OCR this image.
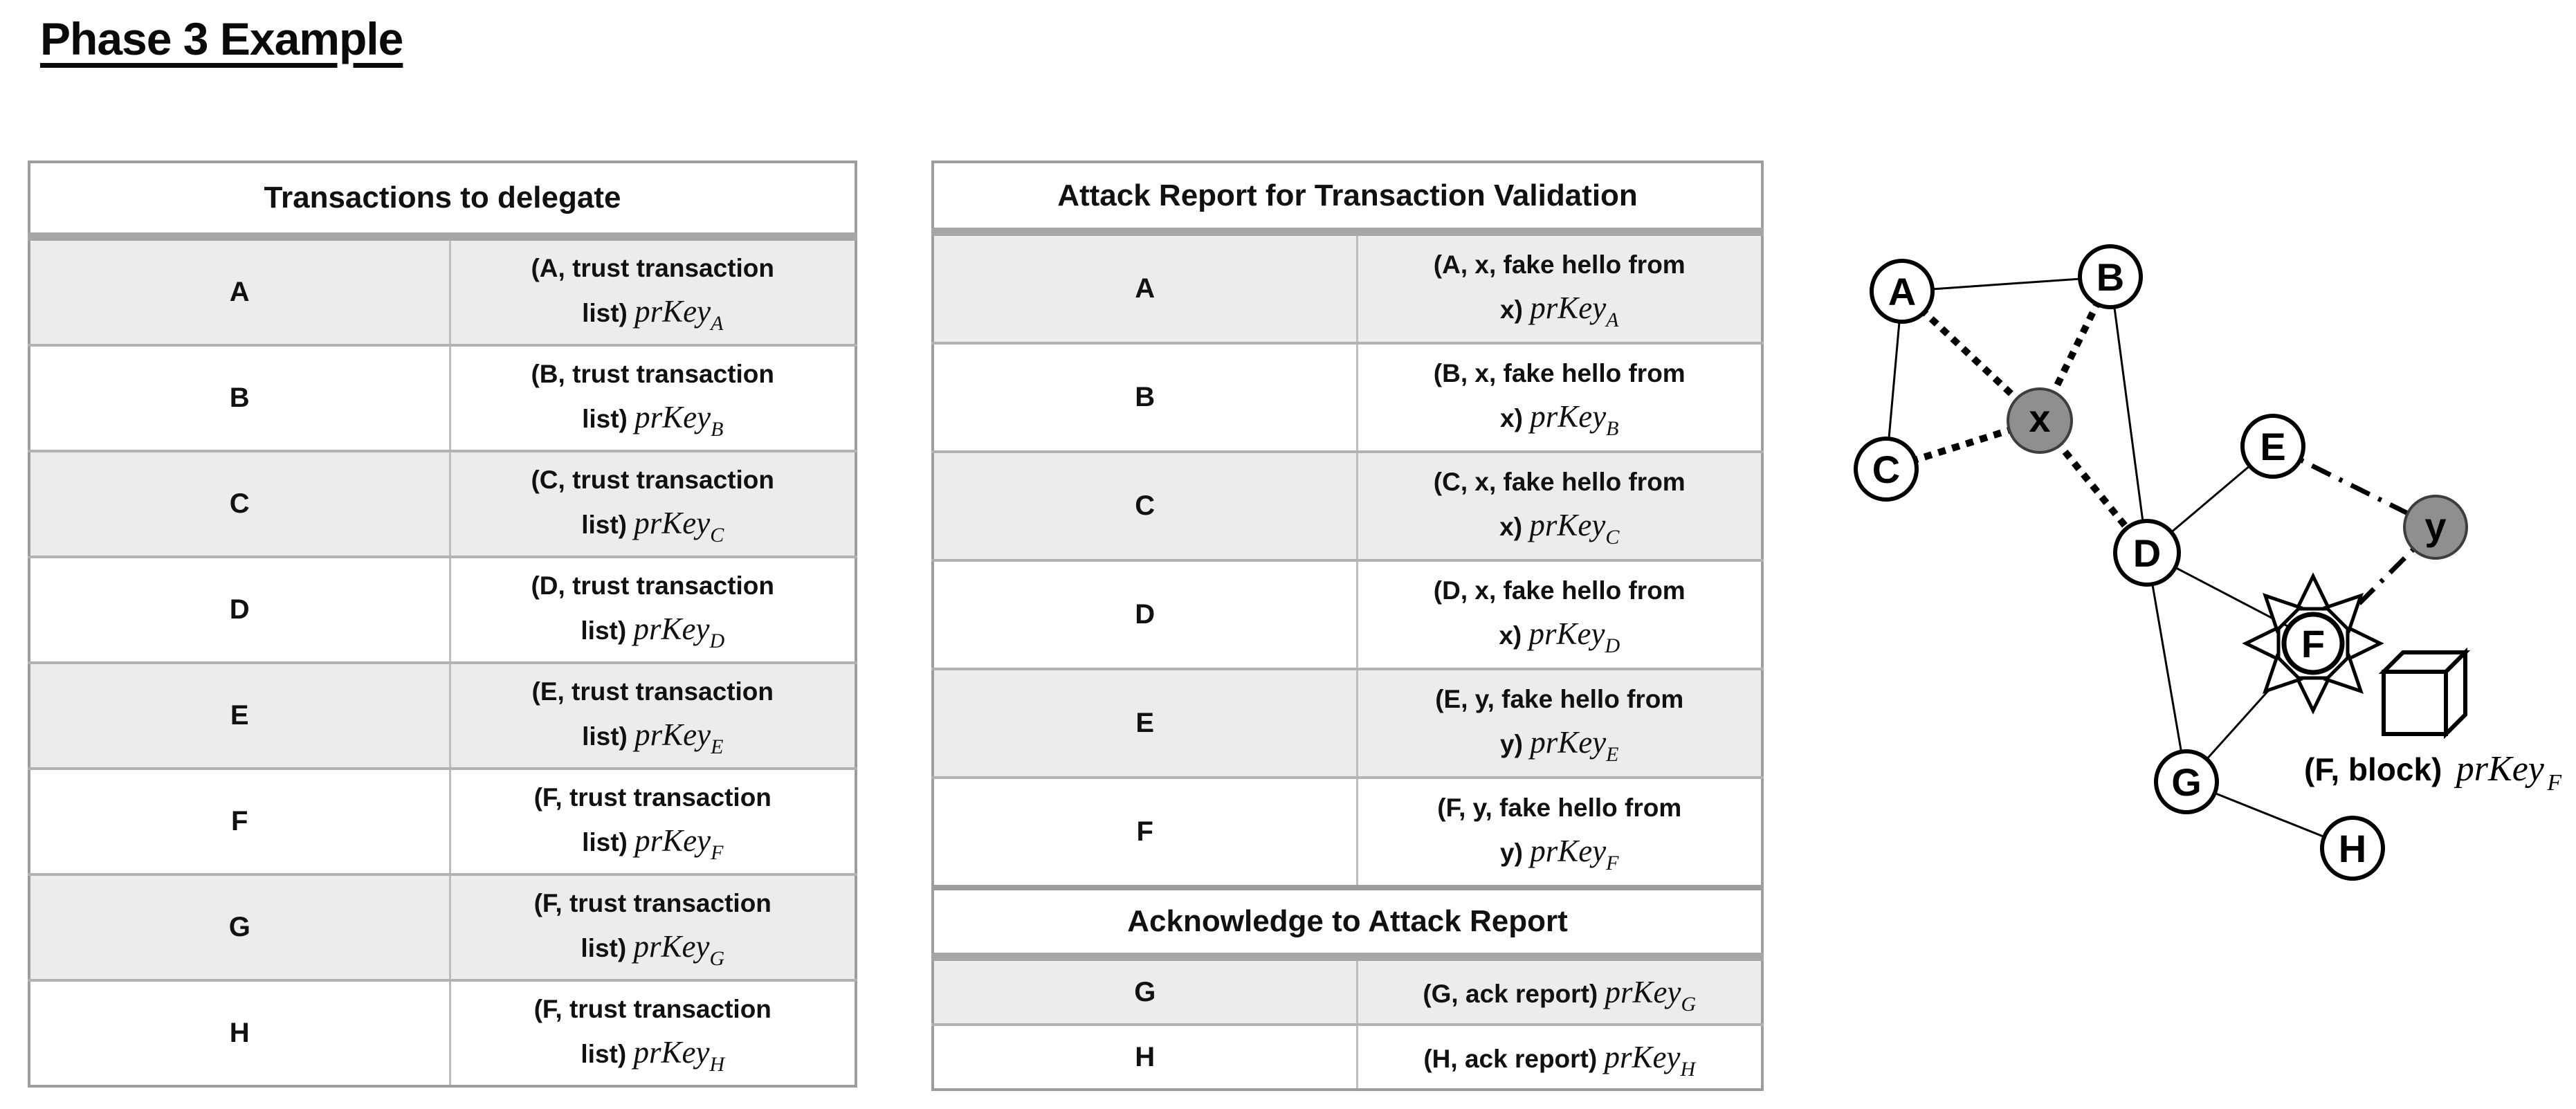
Phase 3 Example
Transactions to delegate	
A	(A, trust transaction
list) prKey$_A$
B	(B, trust transaction
list) prKey$_B$
C	(C, trust transaction
list) prKey$_C$
D	(D, trust transaction
list) prKey$_D$
E	(E, trust transaction
list) prKey$_E$
F	(F, trust transaction
list) prKey$_F$
G	(F, trust transaction
list) prKey$_G$
H	(F, trust transaction
list) prKey$_H$
Attack Report for Transaction Validation	
A	(A, x, fake hello from
x) prKey$_A$
B	(B, x, fake hello from
x) prKey$_B$
C	(C, x, fake hello from
x) prKey$_C$
D	(D, x, fake hello from
x) prKey$_D$
E	(E, y, fake hello from
y) prKey$_E$
F	(F, y, fake hello from
y) prKey$_F$
Acknowledge to Attack Report	
G	(G, ack report) prKey$_G$
H	(H, ack report) prKey$_H$
A	B
C
x
D
E
y
F
G
H
(F, block) prKey F
